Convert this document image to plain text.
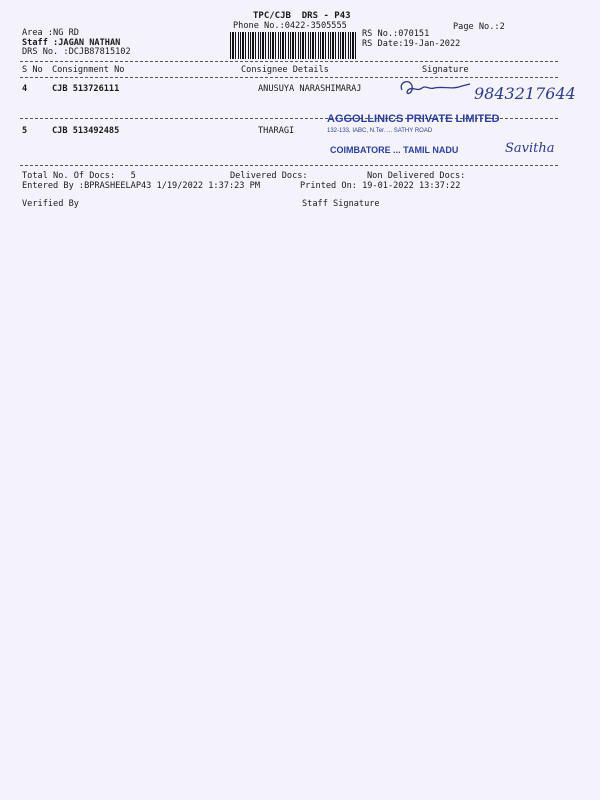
TPC/CJB  DRS - P43
Phone No.:0422-3505555	Page No.:2
Area :NG RD
Staff :JAGAN NATHAN
DRS No. :DCJB87815102
RS No.:070151
RS Date:19-Jan-2022
S No Consignment No	Consignee Details	Signature
4	CJB 513726111	ANUSUYA NARASHIMARAJ	9843217644
5	CJB 513492485	THARAGI
AGGOLLINICS PRIVATE LIMITED
132-133, IABC, N.Ter. ... SATHY ROAD
COIMBATORE ... TAMIL NADU	Savitha
Total No. Of Docs:   5	Delivered Docs:	Non Delivered Docs:
Entered By :BPRASHEELAP43 1/19/2022 1:37:23 PM	Printed On: 19-01-2022 13:37:22
Verified By	Staff Signature
